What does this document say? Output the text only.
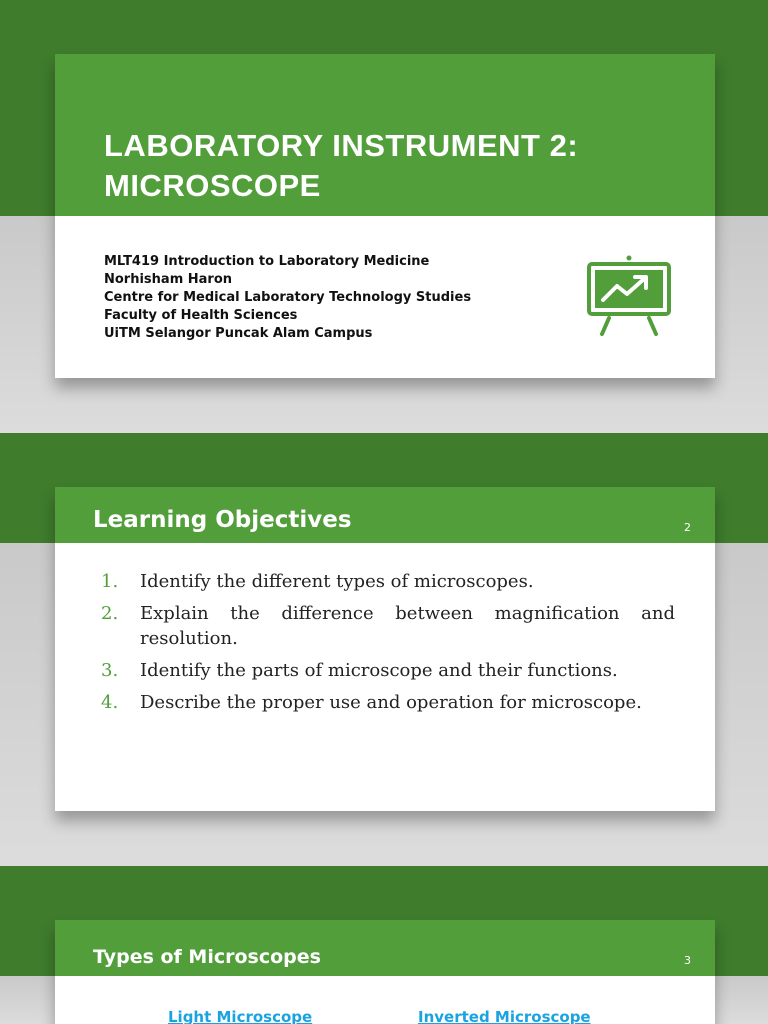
LABORATORY INSTRUMENT 2:
MICROSCOPE
MLT419 Introduction to Laboratory Medicine
Norhisham Haron
Centre for Medical Laboratory Technology Studies
Faculty of Health Sciences
UiTM Selangor Puncak Alam Campus
Learning Objectives	2
1. Identify the different types of microscopes.
2. Explain the difference between magnification and resolution.
3. Identify the parts of microscope and their functions.
4. Describe the proper use and operation for microscope.
Types of Microscopes	3
Light Microscope	Inverted Microscope
